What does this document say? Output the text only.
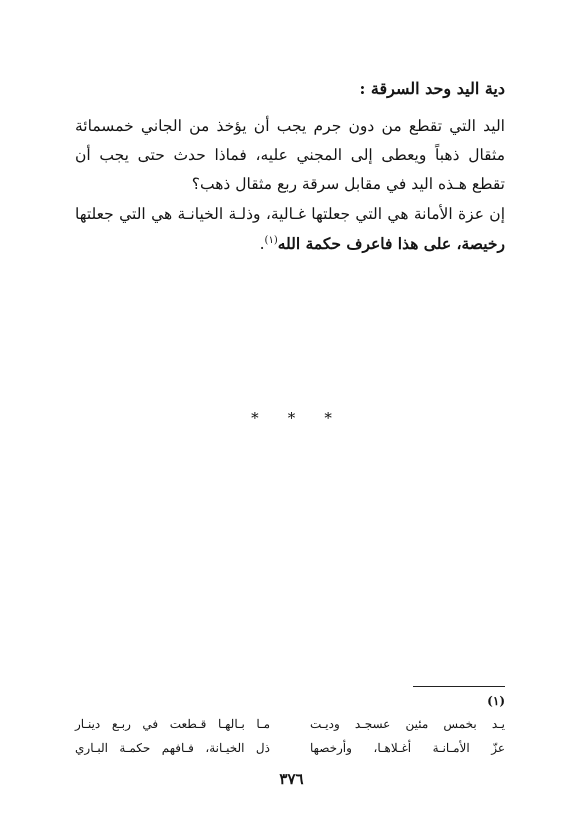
دية اليد وحد السرقة :

اليد التي تقطع من دون جرم يجب أن يؤخذ من الجاني خمسمائة مثقال ذهباً ويعطى إلى المجني عليه، فماذا حدث حتى يجب أن تقطع هـذه اليد في مقابل سرقة ربع مثقال ذهب؟

إن عزة الأمانة هي التي جعلتها غـالية، وذلـة الخيانـة هي التي جعلتها رخيصة، على هذا فاعرف حكمة الله$^{(١)}$.

* * *
(١)
يـد بخمس مئين عسجـد وديـت
مـا بـالهـا قـطعت في ربـع دينـار
عزّ الأمـانـة أغـلاهـا، وأرخصها
ذل الخيـانة، فـافهم حكمـة البـاري
٣٧٦
